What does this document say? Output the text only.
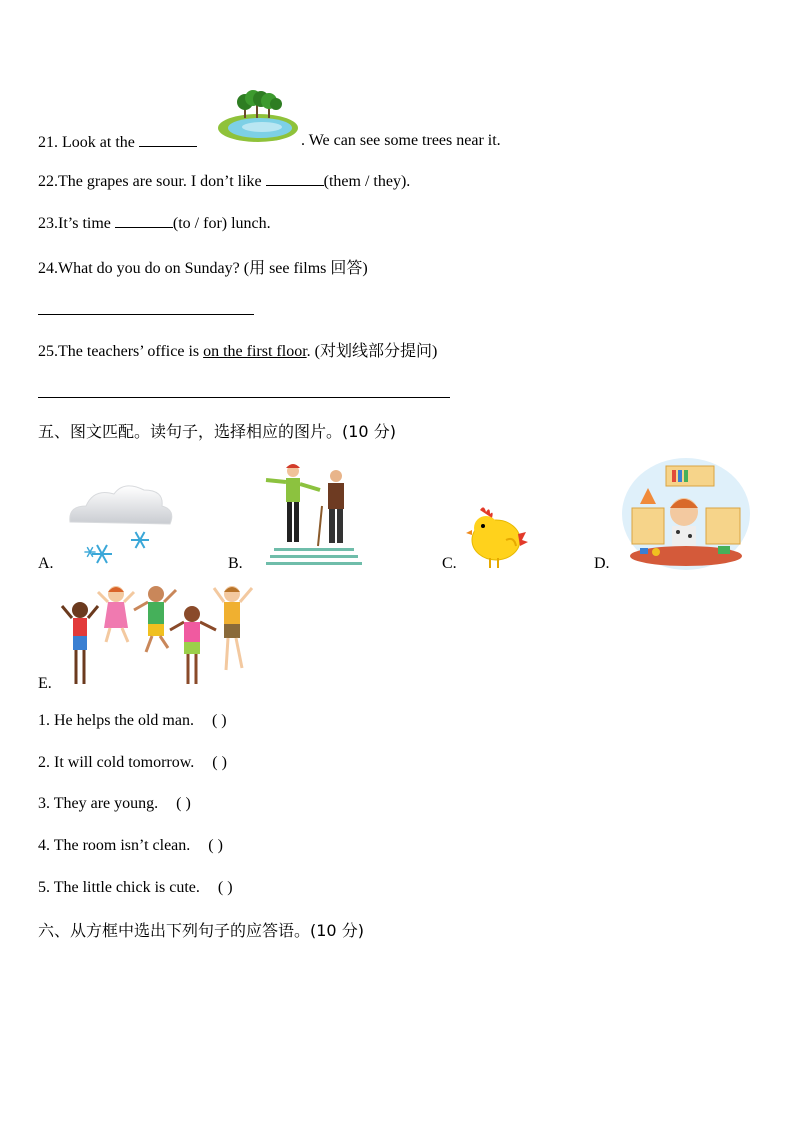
21. Look at the	. We can see some trees near it.
22.The grapes are sour. I don’t like	(them / they).
23.It’s time	(to / for) lunch.
24.What do you do on Sunday? (用 see films 回答)
25.The teachers’ office is on the first floor. (对划线部分提问)
五、图文匹配。读句子，选择相应的图片。(10 分)
A.	B.	C.	D.
E.
1. He helps the old man. ( )
2. It will cold tomorrow. ( )
3. They are young. ( )
4. The room isn’t clean. ( )
5. The little chick is cute. ( )
六、从方框中选出下列句子的应答语。(10 分)
